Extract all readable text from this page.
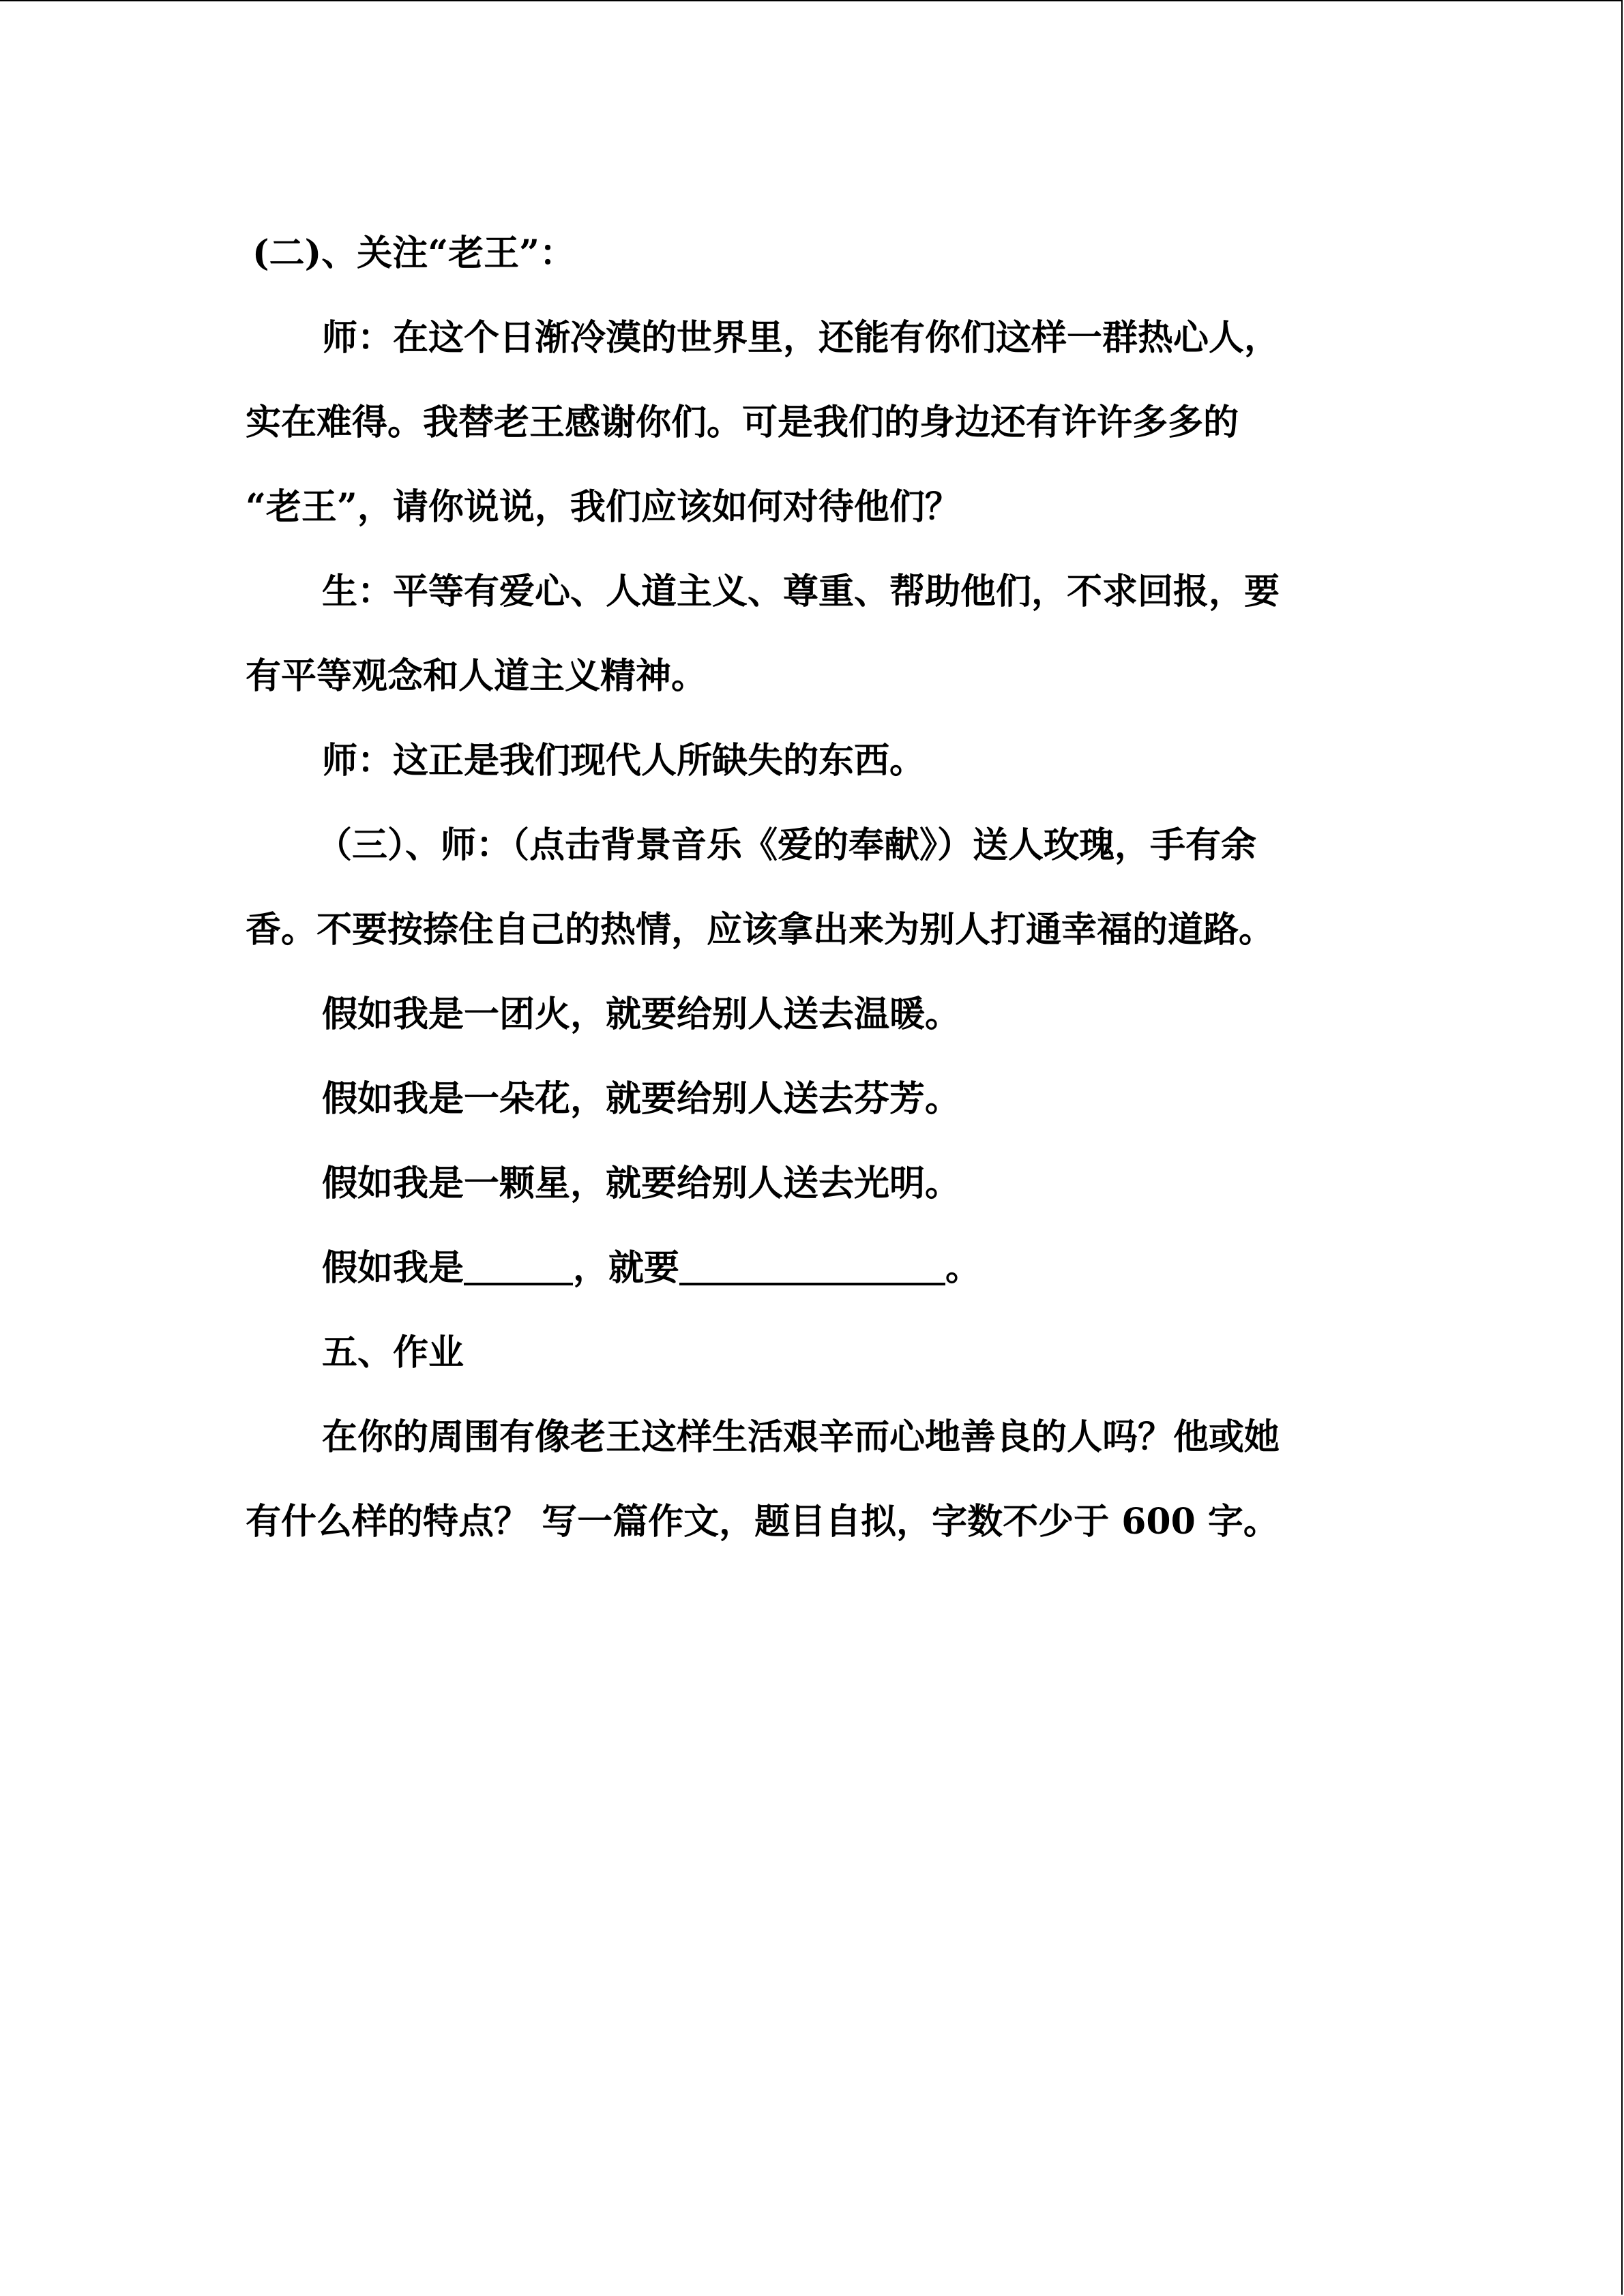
(二)、关注“老王”：
师：在这个日渐冷漠的世界里，还能有你们这样一群热心人，
实在难得。我替老王感谢你们。可是我们的身边还有许许多多的
“老王”，请你说说，我们应该如何对待他们？
生：平等有爱心、人道主义、尊重、帮助他们，不求回报，要
有平等观念和人道主义精神。
师：这正是我们现代人所缺失的东西。
（三）、师：（点击背景音乐《爱的奉献》）送人玫瑰，手有余
香。不要按捺住自己的热情，应该拿出来为别人打通幸福的道路。
假如我是一团火，就要给别人送去温暖。
假如我是一朵花，就要给别人送去芬芳。
假如我是一颗星，就要给别人送去光明。
假如我是	，就要	。
五、作业
在你的周围有像老王这样生活艰辛而心地善良的人吗？他或她
有什么样的特点？ 写一篇作文，题目自拟，字数不少于 600 字。
